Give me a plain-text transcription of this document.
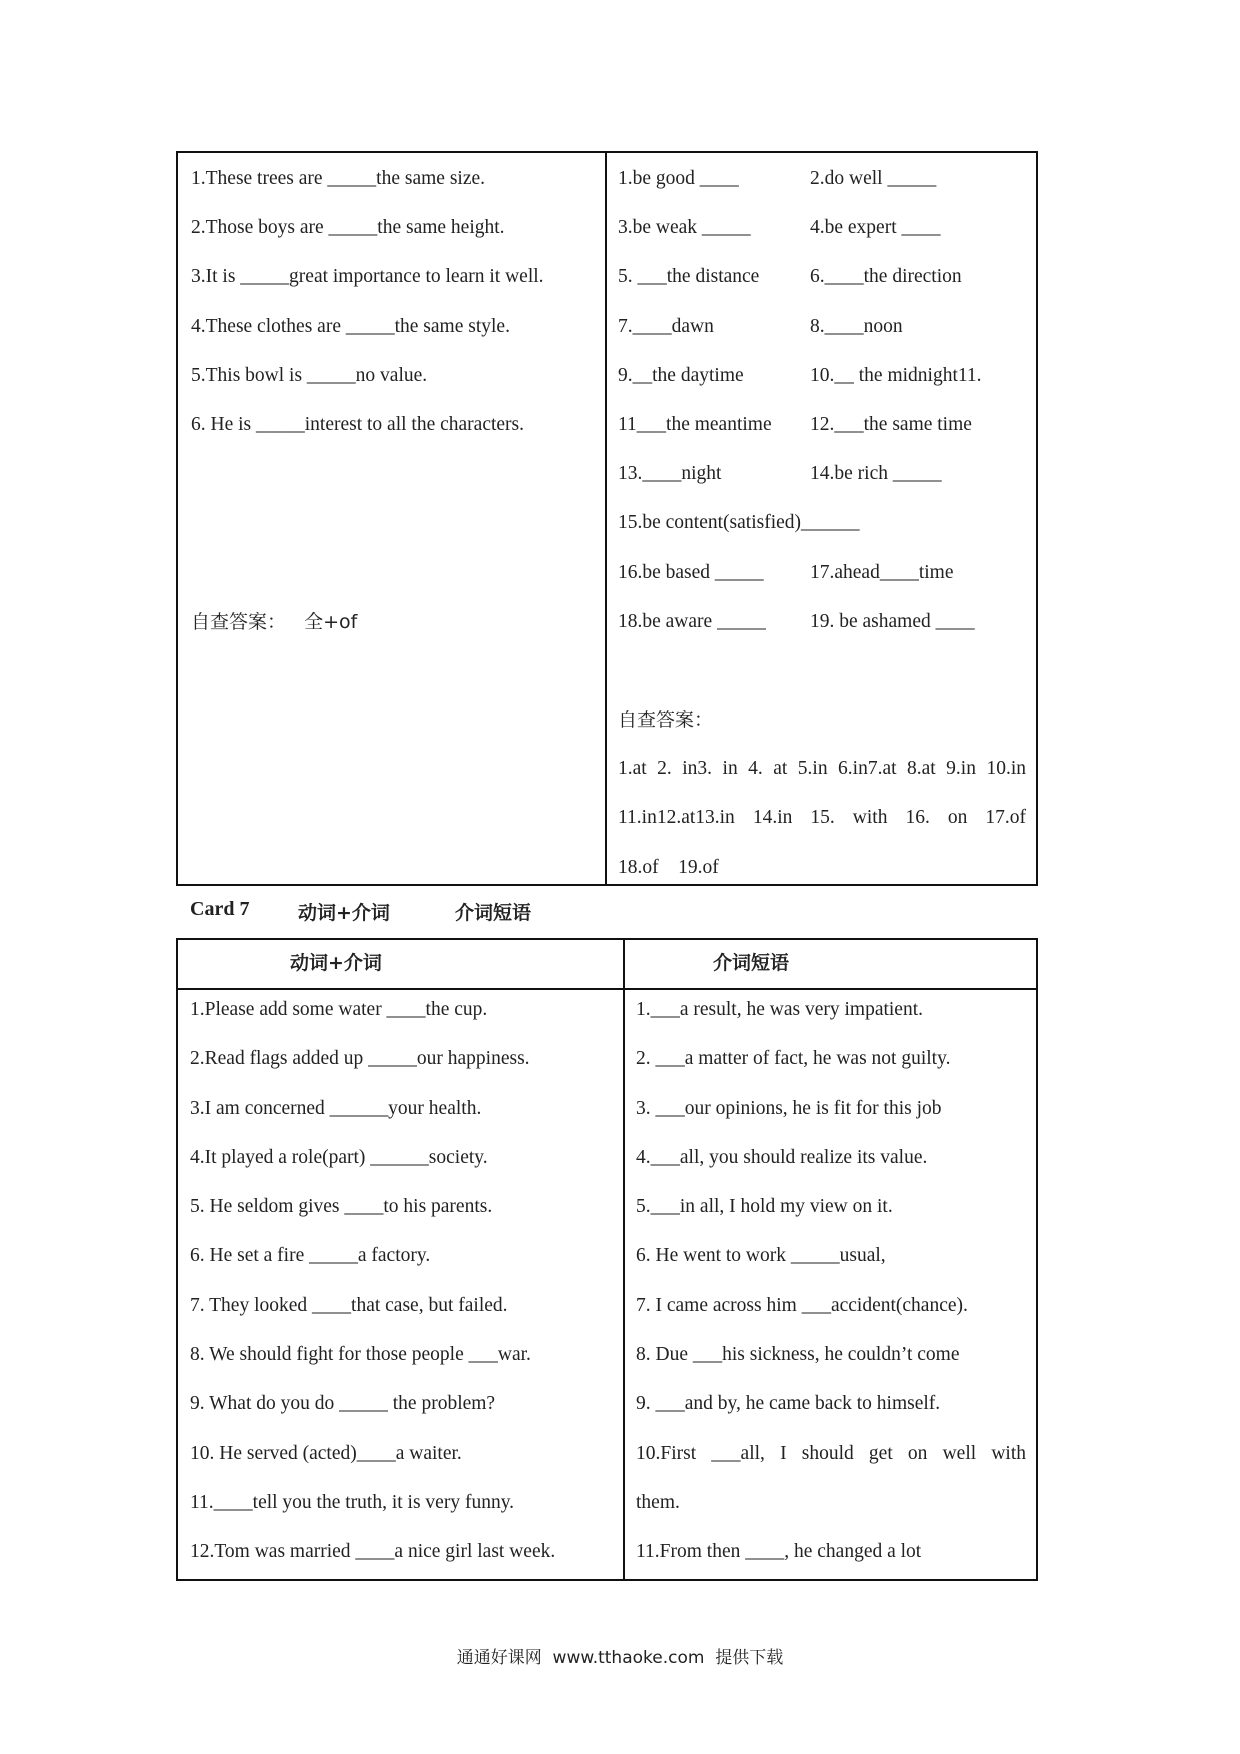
1.These trees are _____the same size.
2.Those boys are _____the same height.
3.It is _____great importance to learn it well.
4.These clothes are _____the same style.
5.This bowl is _____no value.
6. He is _____interest to all the characters.
自查答案：   全+of
1.be good ____	2.do well _____
3.be weak _____	4.be expert ____
5. ___the distance	6.____the direction
7.____dawn	8.____noon
9.__the daytime	10.__ the midnight11.
11___the meantime	12.___the same time
13.____night	14.be rich _____
15.be content(satisfied)______
16.be based _____	17.ahead____time
18.be aware _____	19. be ashamed ____
自查答案：
1.at 2. in3. in 4. at 5.in 6.in7.at 8.at 9.in 10.in
11.in12.at13.in 14.in 15. with 16. on 17.of
18.of    19.of
Card 7	动词+介词	介词短语
动词+介词	介词短语
1.Please add some water ____the cup.
2.Read flags added up _____our happiness.
3.I am concerned ______your health.
4.It played a role(part) ______society.
5. He seldom gives ____to his parents.
6. He set a fire _____a factory.
7. They looked ____that case, but failed.
8. We should fight for those people ___war.
9. What do you do _____ the problem?
10. He served (acted)____a waiter.
11.____tell you the truth, it is very funny.
12.Tom was married ____a nice girl last week.
1.___a result, he was very impatient.
2. ___a matter of fact, he was not guilty.
3. ___our opinions, he is fit for this job
4.___all, you should realize its value.
5.___in all, I hold my view on it.
6. He went to work _____usual,
7. I came across him ___accident(chance).
8. Due ___his sickness, he couldn’t come
9. ___and by, he came back to himself.
10.First ___all, I should get on well with
them.
11.From then ____, he changed a lot
通通好课网  www.tthaoke.com  提供下载
